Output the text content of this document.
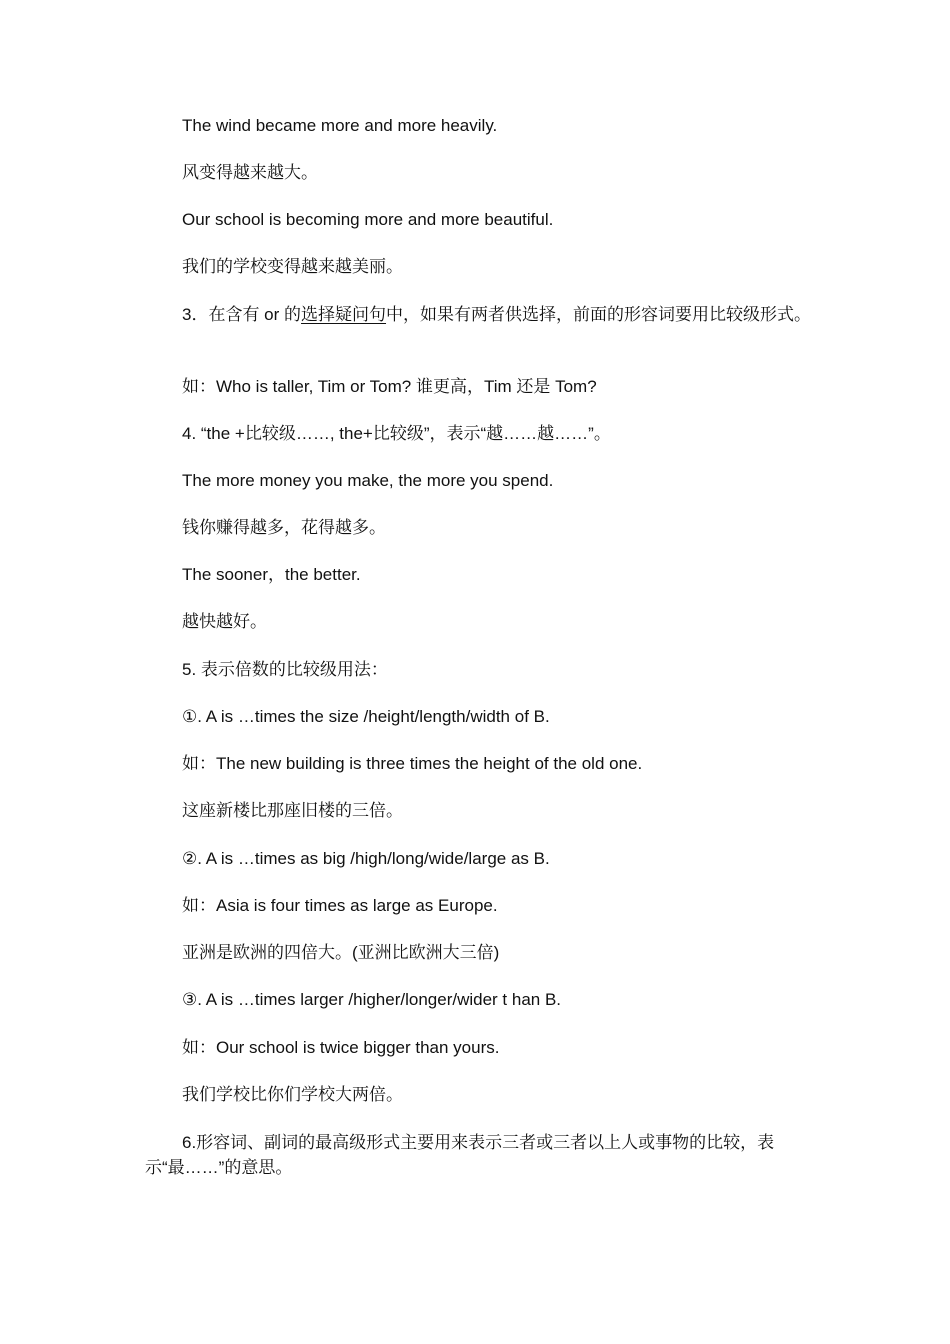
The wind became more and more heavily.
风变得越来越大。
Our school is becoming more and more beautiful.
我们的学校变得越来越美丽。
3．在含有 or 的选择疑问句中，如果有两者供选择，前面的形容词要用比较级形式。
如：Who is taller, Tim or Tom? 谁更高，Tim 还是 Tom?
4. “the +比较级……, the+比较级”，表示“越……越……”。
The more money you make, the more you spend.
钱你赚得越多，花得越多。
The sooner，the better.
越快越好。
5. 表示倍数的比较级用法：
①. A is …times the size /height/length/width of B.
如：The new building is three times the height of the old one.
这座新楼比那座旧楼的三倍。
②. A is …times as big /high/long/wide/large as B.
如：Asia is four times as large as Europe.
亚洲是欧洲的四倍大。(亚洲比欧洲大三倍)
③. A is …times larger /higher/longer/wider t han B.
如：Our school is twice bigger than yours.
我们学校比你们学校大两倍。
6.形容词、副词的最高级形式主要用来表示三者或三者以上人或事物的比较，表示“最……”的意思。
